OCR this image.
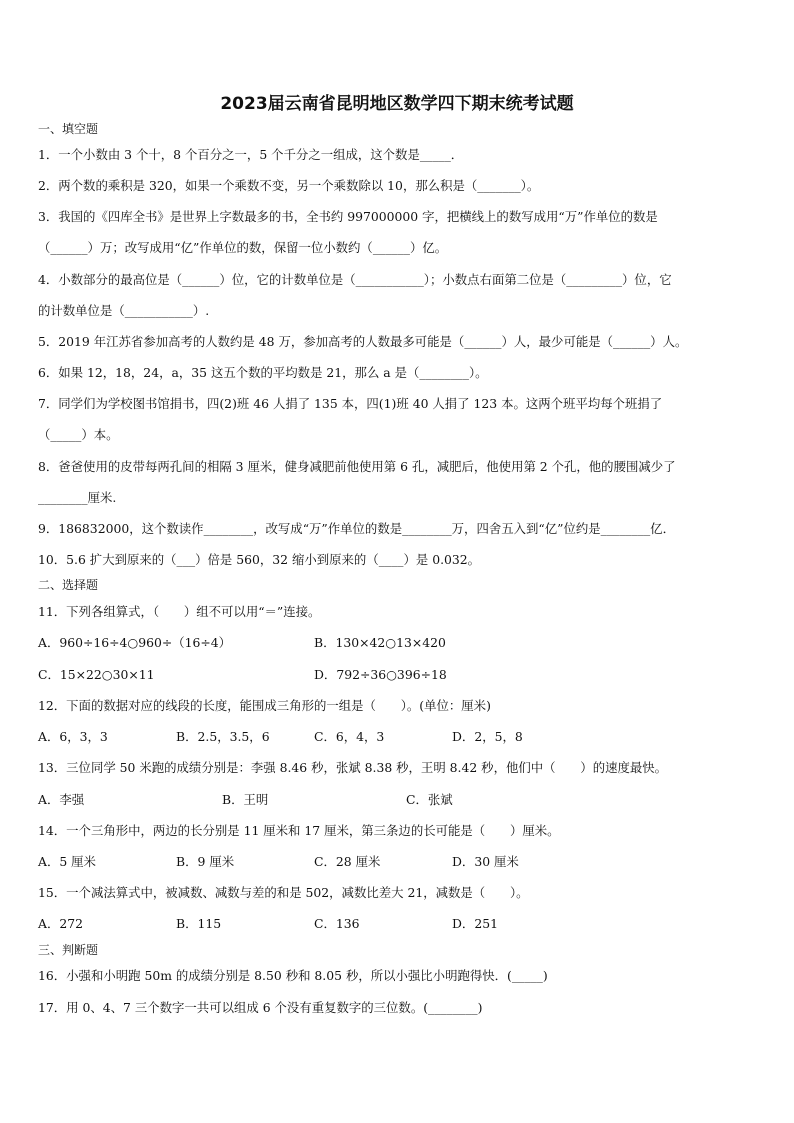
2023届云南省昆明地区数学四下期末统考试题
一、填空题
1．一个小数由 3 个十，8 个百分之一，5 个千分之一组成，这个数是_____．
2．两个数的乘积是 320，如果一个乘数不变，另一个乘数除以 10，那么积是（_______）。
3．我国的《四库全书》是世界上字数最多的书，全书约 997000000 字，把横线上的数写成用“万”作单位的数是
（______）万；改写成用“亿”作单位的数，保留一位小数约（______）亿。
4．小数部分的最高位是（______）位，它的计数单位是（___________）；小数点右面第二位是（_________）位，它
的计数单位是（___________）.
5．2019 年江苏省参加高考的人数约是 48 万，参加高考的人数最多可能是（______）人，最少可能是（______）人。
6．如果 12，18，24，a，35 这五个数的平均数是 21，那么 a 是（________）。
7．同学们为学校图书馆捐书，四(2)班 46 人捐了 135 本，四(1)班 40 人捐了 123 本。这两个班平均每个班捐了
（_____）本。
8．爸爸使用的皮带每两孔间的相隔 3 厘米，健身减肥前他使用第 6 孔，减肥后，他使用第 2 个孔，他的腰围减少了
________厘米.
9．186832000，这个数读作________，改写成“万”作单位的数是________万，四舍五入到“亿”位约是________亿．
10．5.6 扩大到原来的（___）倍是 560，32 缩小到原来的（____）是 0.032。
二、选择题
11．下列各组算式，（　　）组不可以用“＝”连接。
A．960÷16÷4○960÷（16÷4）	B．130×42○13×420
C．15×22○30×11	D．792÷36○396÷18
12．下面的数据对应的线段的长度，能围成三角形的一组是（　　）。(单位：厘米)
A．6，3，3	B．2.5，3.5，6	C．6，4，3	D．2，5，8
13．三位同学 50 米跑的成绩分别是：李强 8.46 秒，张斌 8.38 秒，王明 8.42 秒，他们中（　　）的速度最快。
A．李强	B．王明	C．张斌
14．一个三角形中，两边的长分别是 11 厘米和 17 厘米，第三条边的长可能是（　　）厘米。
A．5 厘米	B．9 厘米	C．28 厘米	D．30 厘米
15．一个减法算式中，被减数、减数与差的和是 502，减数比差大 21，减数是（　　）。
A．272	B．115	C．136	D．251
三、判断题
16．小强和小明跑 50m 的成绩分别是 8.50 秒和 8.05 秒，所以小强比小明跑得快．(_____)
17．用 0、4、7 三个数字一共可以组成 6 个没有重复数字的三位数。(________)
